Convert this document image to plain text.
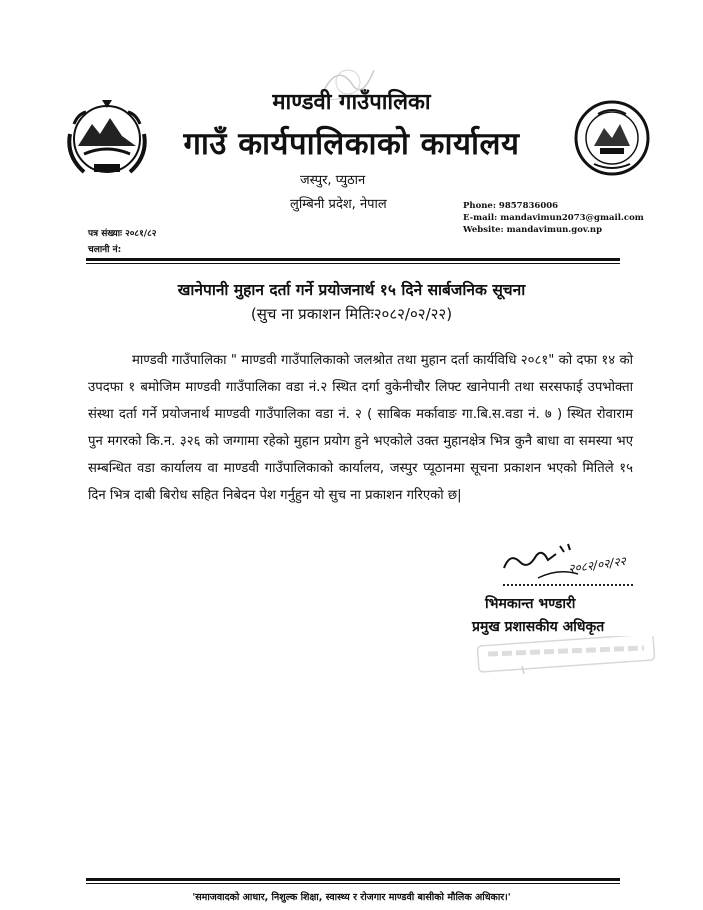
माण्डवी गाउँपालिका
गाउँ कार्यपालिकाको कार्यालय
जस्पुर, प्युठान
लुम्बिनी प्रदेश, नेपाल	Phone: 9857836006
E-mail: mandavimun2073@gmail.com
Website: mandavimun.gov.np
पत्र संख्याः २०८१/८२
चलानी नं:
खानेपानी मुहान दर्ता गर्ने प्रयोजनार्थ १५ दिने सार्बजनिक सूचना
(सुच ना प्रकाशन मितिः२०८२/०२/२२)

माण्डवी गाउँपालिका " माण्डवी गाउँपालिकाको जलश्रोत तथा मुहान दर्ता कार्यविधि २०८१" को दफा १४ को उपदफा १ बमोजिम माण्डवी गाउँपालिका वडा नं.२ स्थित दर्गा वुकेनीचौर लिफ्ट खानेपानी तथा सरसफाई उपभोक्ता संस्था दर्ता गर्ने प्रयोजनार्थ माण्डवी गाउँपालिका वडा नं. २ ( साबिक मर्कावाङ गा.बि.स.वडा नं. ७ ) स्थित रोवाराम पुन मगरको कि.न. ३२६ को जग्गामा रहेको मुहान प्रयोग हुने भएकोले उक्त मुहानक्षेत्र भित्र कुनै बाधा वा समस्या भए सम्बन्धित वडा कार्यालय वा माण्डवी गाउँपालिकाको कार्यालय, जस्पुर प्यूठानमा सूचना प्रकाशन भएको मितिले १५ दिन भित्र दाबी बिरोध सहित निबेदन पेश गर्नुहुन यो सुच ना प्रकाशन गरिएको छ|

२०८२/०२/२२
भिमकान्त भण्डारी
प्रमुख प्रशासकीय अधिकृत
'समाजवादको आधार, निशुल्क शिक्षा, स्वास्थ्य र रोजगार माण्डवी बासीको मौलिक अधिकार।'
